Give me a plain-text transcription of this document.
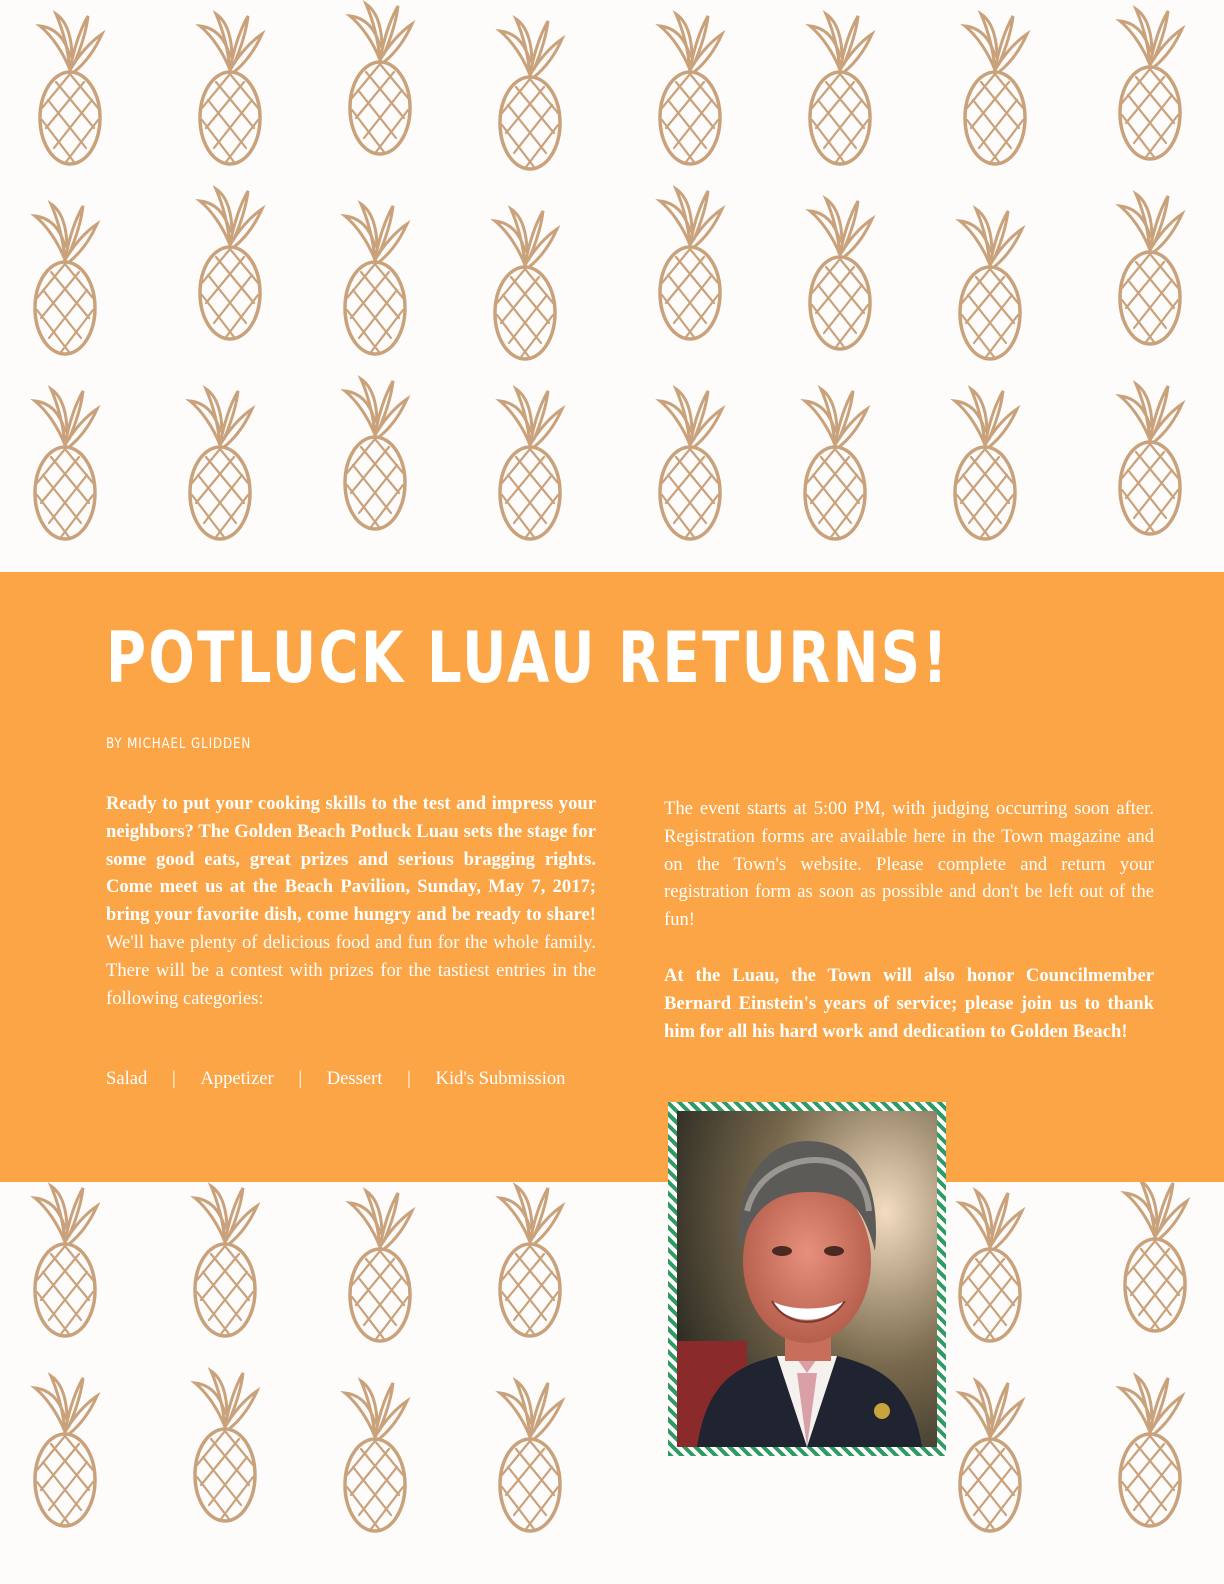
POTLUCK LUAU RETURNS!
BY MICHAEL GLIDDEN
Ready to put your cooking skills to the test and impress your neighbors? The Golden Beach Potluck Luau sets the stage for some good eats, great prizes and serious bragging rights. Come meet us at the Beach Pavilion, Sunday, May 7, 2017; bring your favorite dish, come hungry and be ready to share! We'll have plenty of delicious food and fun for the whole family. There will be a contest with prizes for the tastiest entries in the following categories:
Salad | Appetizer | Dessert | Kid's Submission

The event starts at 5:00 PM, with judging occurring soon after. Registration forms are available here in the Town magazine and on the Town's website. Please complete and return your registration form as soon as possible and don't be left out of the fun!

At the Luau, the Town will also honor Councilmember Bernard Einstein's years of service; please join us to thank him for all his hard work and dedication to Golden Beach!
